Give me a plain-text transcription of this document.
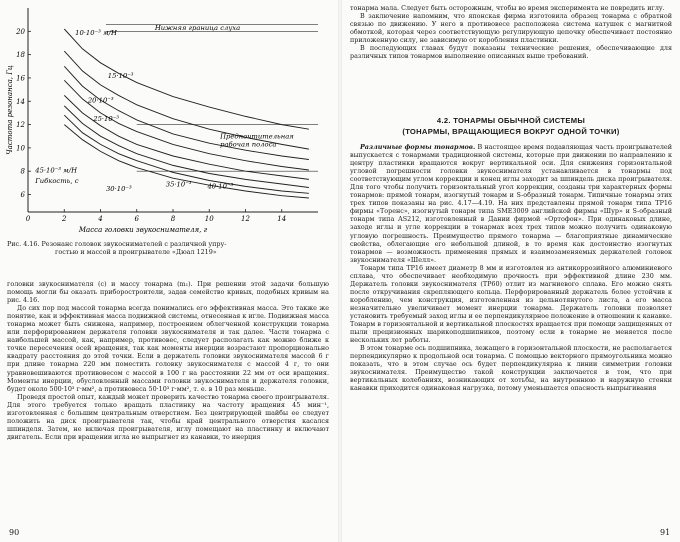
0	2	4	6	8	10	12	14
6
8
10
12
14
16
18
20
Масса головки звукоснимателя, г
Частота резонанса, Гц
Нижняя граница слуха
Предпочтительная
рабочая полоса
10·10⁻³ м/Н
15·10⁻³
20·10⁻³
25·10⁻³
30·10⁻³
35·10⁻³ 40·10⁻³
45·10⁻³ м/Н
Гибкость, с
Рис. 4.16. Резонанс головок звукоснимателей с различной упру-
гостью и массой в проигрывателе «Дюал 1219»

головки звукоснимателя (с) и массу тонарма (m₁). При решении этой задачи большую помощь могли бы оказать приборостроители, задав семейство кривых, подобных кривым на рис. 4.16.

До сих пор под массой тонарма всегда понимались его эффективная масса. Это также же понятие, как и эффективная масса подвижной системы, отнесенная к игле. Подвижная масса тонарма может быть снижена, например, построением облегченной конструкции тонарма или перфорированием держателя головки звукоснимателя и так далее. Части тонарма с наибольшей массой, как, например, противовес, следует располагать как можно ближе к точке пересечения осей вращения, так как моменты инерции возрастают пропорционально квадрату расстояния до этой точки. Если в держатель головки звукоснимателя массой 6 г при длине тонарма 220 мм поместить головку звукоснимателя с массой 4 г, то они уравновешиваются противовесом с массой в 100 г на расстоянии 22 мм от оси вращения. Моменты инерции, обусловленный массами головки звукоснимателя и держателя головки, будет около 500·10³ г·мм², а противовеса 50·10³ г·мм², т. е. в 10 раз меньше.

Проведя простой опыт, каждый может проверить качество тонарма своего проигрывателя. Для этого требуется только вращать пластинку на частоту вращения 45 мин⁻¹, изготовленная с большим центральным отверстием. Без центрирующей шайбы ее следует положить на диск проигрывателя так, чтобы край центрального отверстия касался шпинделя. Затем, не включая проигрывателя, иглу помещают на пластинку и включают двигатель. Если при вращении игла не выпрыгнет из канавки, то инерция

90

тонарма мала. Следует быть осторожным, чтобы во время эксперимента не повредить иглу.

В заключение напомним, что японская фирма изготовила образец тонарма с обратной связью по движению. У него в противовесе расположена система катушек с магнитной обмоткой, которая через соответствующую регулирующую цепочку обеспечивает постоянно приложенную силу, не зависимую от коробления пластинки.

В последующих главах будут показаны технические решения, обеспечивающие для различных типов тонармов выполнение описанных выше требований.

4.2. ТОНАРМЫ ОБЫЧНОЙ СИСТЕМЫ
(ТОНАРМЫ, ВРАЩАЮЩИЕСЯ ВОКРУГ ОДНОЙ ТОЧКИ)

Различные формы тонармов. В настоящее время подавляющая часть проигрывателей выпускается с тонармами традиционной системы, которые при движении по направлению к центру пластинки вращаются вокруг вертикальной оси. Для снижения горизонтальной угловой погрешности головки звукоснимателя устанавливается в тонармы под соответствующим углом коррекции и конец иглы заходит за шпиндель диска проигрывателя. Для того чтобы получить горизонтальный угол коррекции, созданы три характерных формы тонармов: прямой тонарм, изогнутый тонарм и S-образный тонарм. Типичные тонармы этих трех типов показаны на рис. 4.17—4.19. На них представлены прямой тонарм типа TP16 фирмы «Торенс», изогнутый тонарм типа SME3009 английской фирмы «Шур» и S-образный тонарм типа AS212, изготовленный в Дании фирмой «Ортофон». При одинаковых длине, заходе иглы и угле коррекции в тонармах всех трех типов можно получить одинаковую угловую погрешность. Преимущество прямого тонарма — благоприятные динамические свойства, облегающие его небольшой длиной, в то время как достоинство изогнутых тонармов — возможность применения прямых и взаимозаменяемых держателей головок звукоснимателя «Шелл».

Тонарм типа TP16 имеет диаметр 8 мм и изготовлен из антикоррозийного алюминиевого сплава, что обеспечивает необходимую прочность при эффективной длине 230 мм. Держатель головки звукоснимателя (TP60) отлит из магниевого сплава. Его можно снять после откручивания скрепляющего кольца. Перфорированный держатель более устойчив к короблению, чем конструкция, изготовленная из цельнотянутого листа, а его масса незначительно увеличивает момент инерции тонарма. Держатель головки позволяет установить требуемый заход иглы и ее перпендикулярное положение в отношении к канавке. Тонарм в горизонтальной и вертикальной плоскостях вращается при помощи защищенных от пыли прецизионных шарикоподшипников, поэтому если в тонарме не меняется после нескольких лет работы.

В этом тонарме ось подшипника, лежащего в горизонтальной плоскости, не располагается перпендикулярно к продольной оси тонарма. С помощью векторного прямоугольника можно показать, что в этом случае ось будет перпендикулярна к линии симметрии головки звукоснимателя. Преимущество такой конструкции заключается в том, что при вертикальных колебаниях, возникающих от хотьбы, на внутреннюю и наружную стенки канавки приходится одинаковая нагрузка, потому уменьшается опасность выпрыгивания

91
